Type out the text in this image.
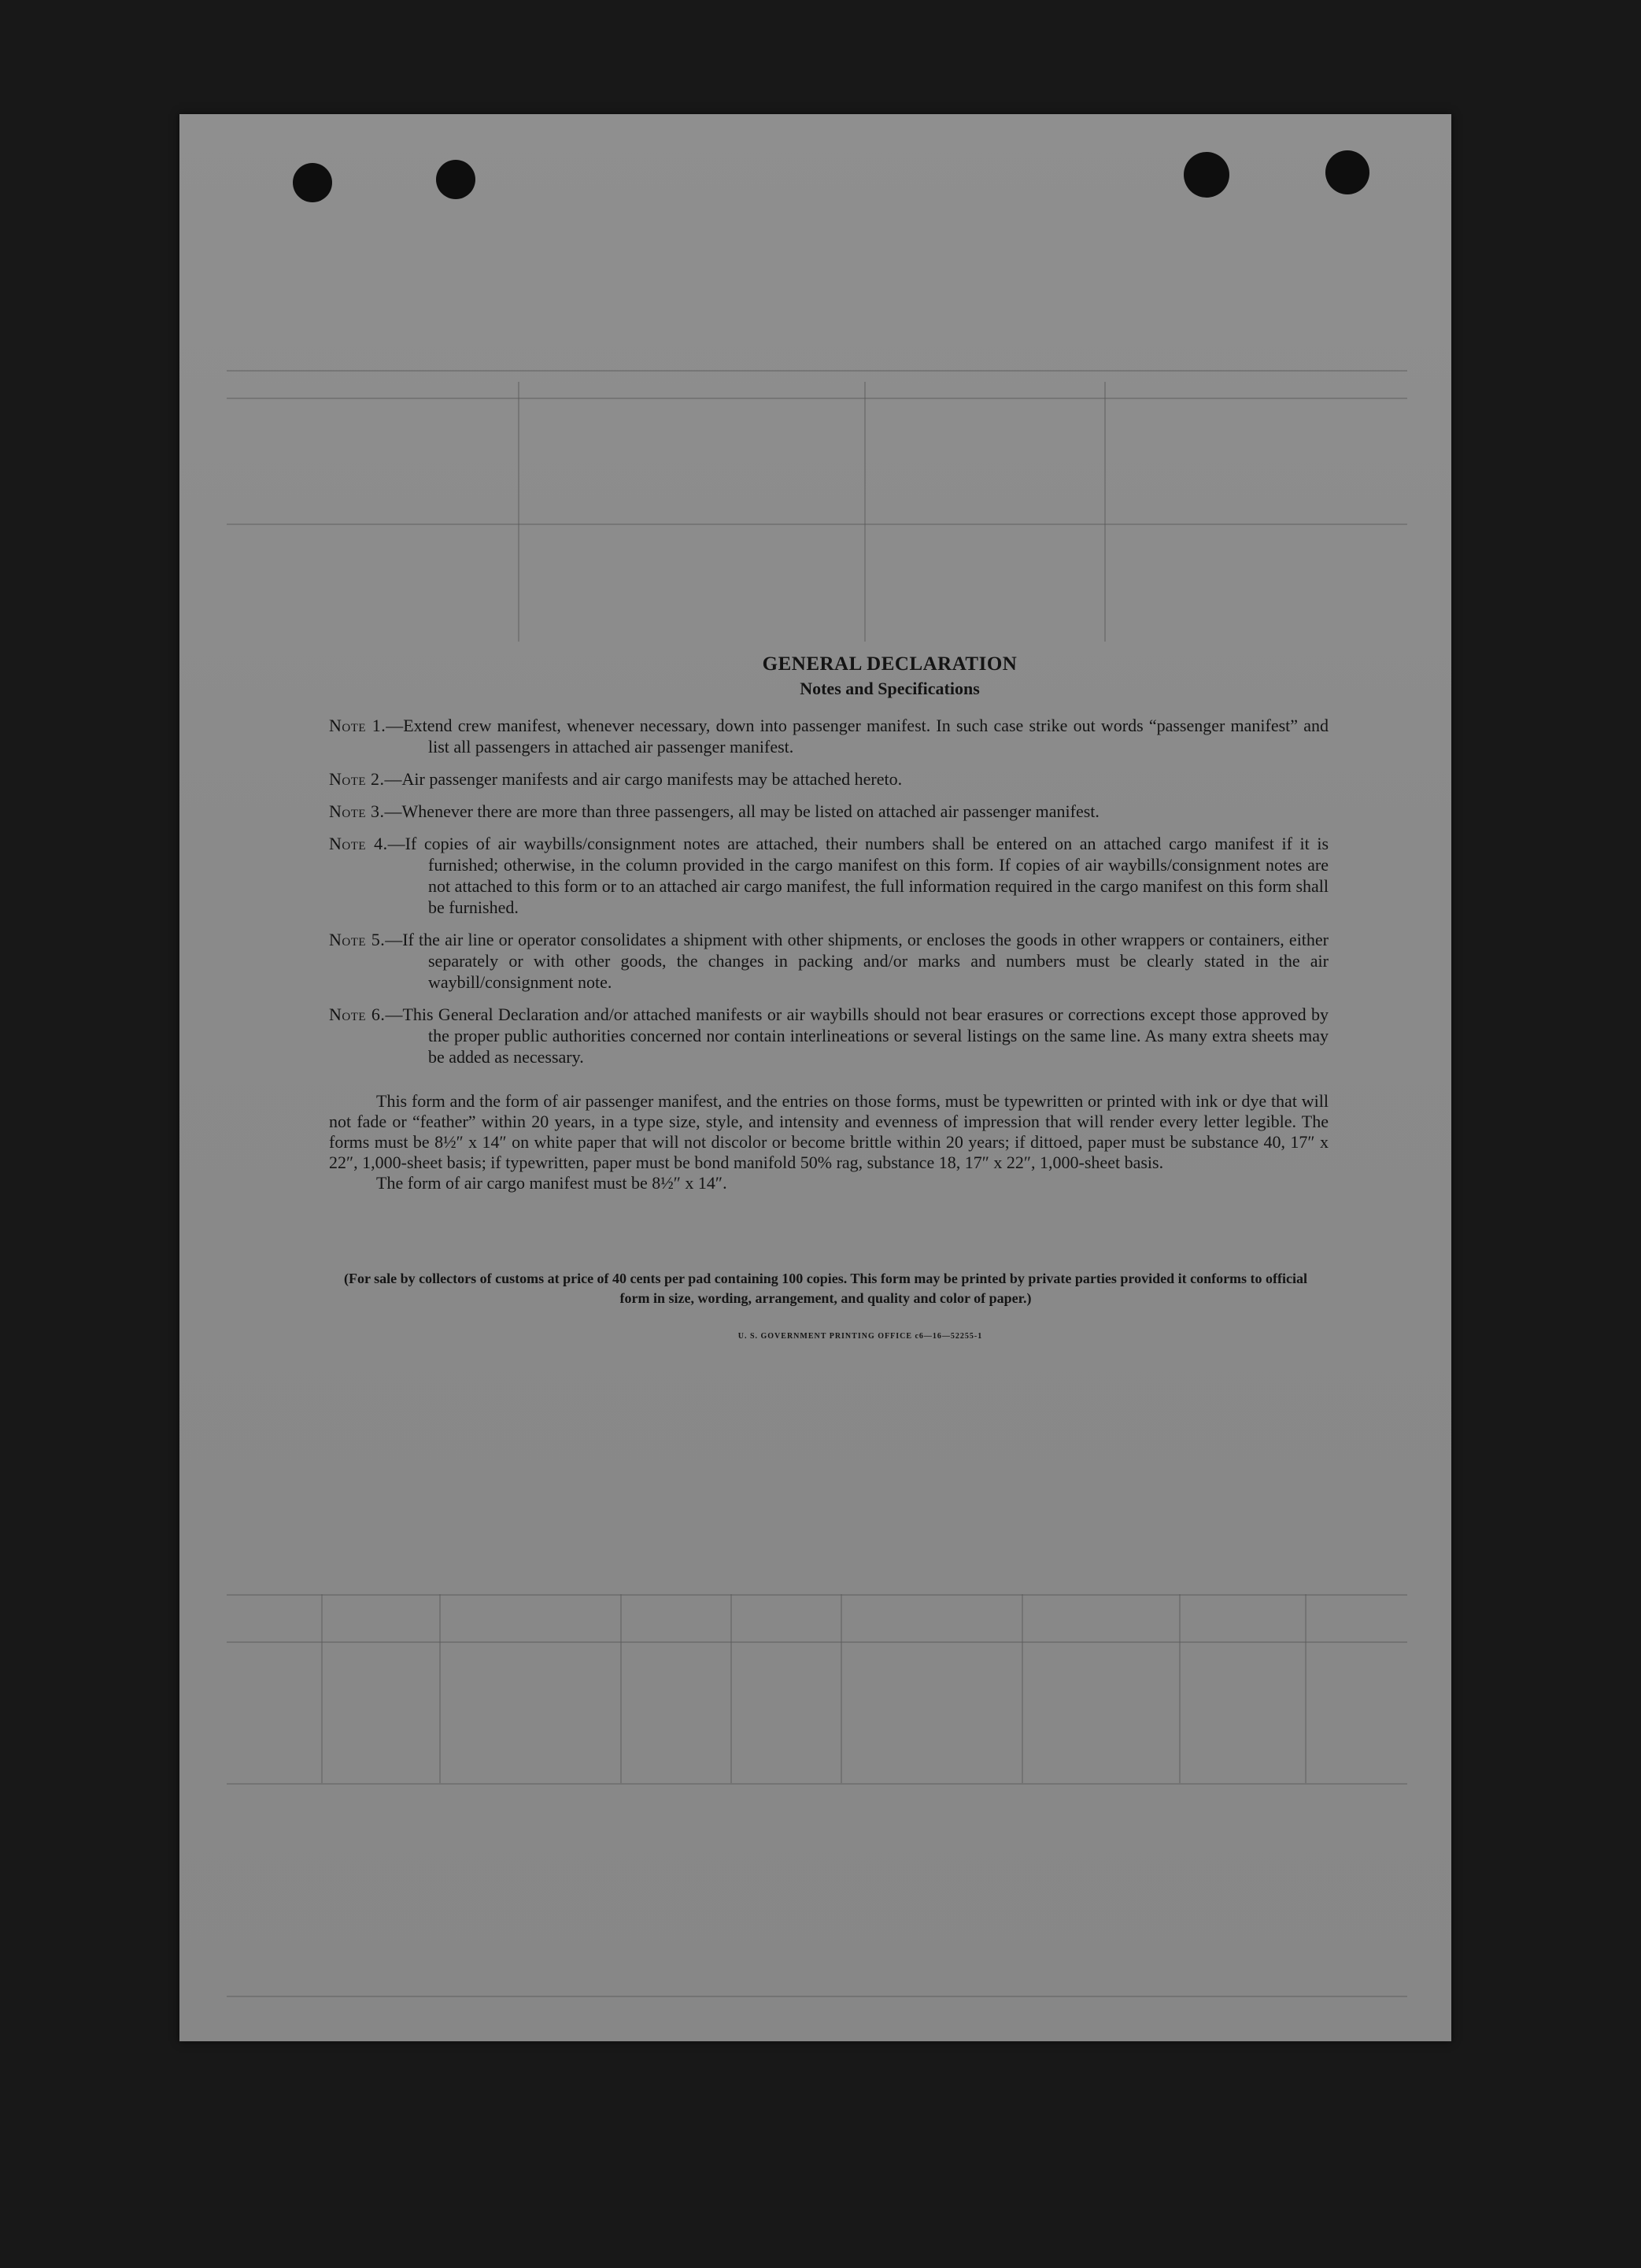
GENERAL DECLARATION
Notes and Specifications
Note 1.—Extend crew manifest, whenever necessary, down into passenger manifest. In such case strike out words “passenger manifest” and list all passengers in attached air passenger manifest.
Note 2.—Air passenger manifests and air cargo manifests may be attached hereto.
Note 3.—Whenever there are more than three passengers, all may be listed on attached air passenger manifest.
Note 4.—If copies of air waybills/consignment notes are attached, their numbers shall be entered on an attached cargo manifest if it is furnished; otherwise, in the column provided in the cargo manifest on this form. If copies of air waybills/consignment notes are not attached to this form or to an attached air cargo manifest, the full information required in the cargo manifest on this form shall be furnished.
Note 5.—If the air line or operator consolidates a shipment with other shipments, or encloses the goods in other wrappers or containers, either separately or with other goods, the changes in packing and/or marks and numbers must be clearly stated in the air waybill/consignment note.
Note 6.—This General Declaration and/or attached manifests or air waybills should not bear erasures or corrections except those approved by the proper public authorities concerned nor contain interlineations or several listings on the same line. As many extra sheets may be added as necessary.
This form and the form of air passenger manifest, and the entries on those forms, must be typewritten or printed with ink or dye that will not fade or “feather” within 20 years, in a type size, style, and intensity and evenness of impression that will render every letter legible. The forms must be 8½″ x 14″ on white paper that will not discolor or become brittle within 20 years; if dittoed, paper must be substance 40, 17″ x 22″, 1,000-sheet basis; if typewritten, paper must be bond manifold 50% rag, substance 18, 17″ x 22″, 1,000-sheet basis.
The form of air cargo manifest must be 8½″ x 14″.
(For sale by collectors of customs at price of 40 cents per pad containing 100 copies. This form may be printed by private parties provided it conforms to official form in size, wording, arrangement, and quality and color of paper.)
U. S. GOVERNMENT PRINTING OFFICE c6—16—52255-1
